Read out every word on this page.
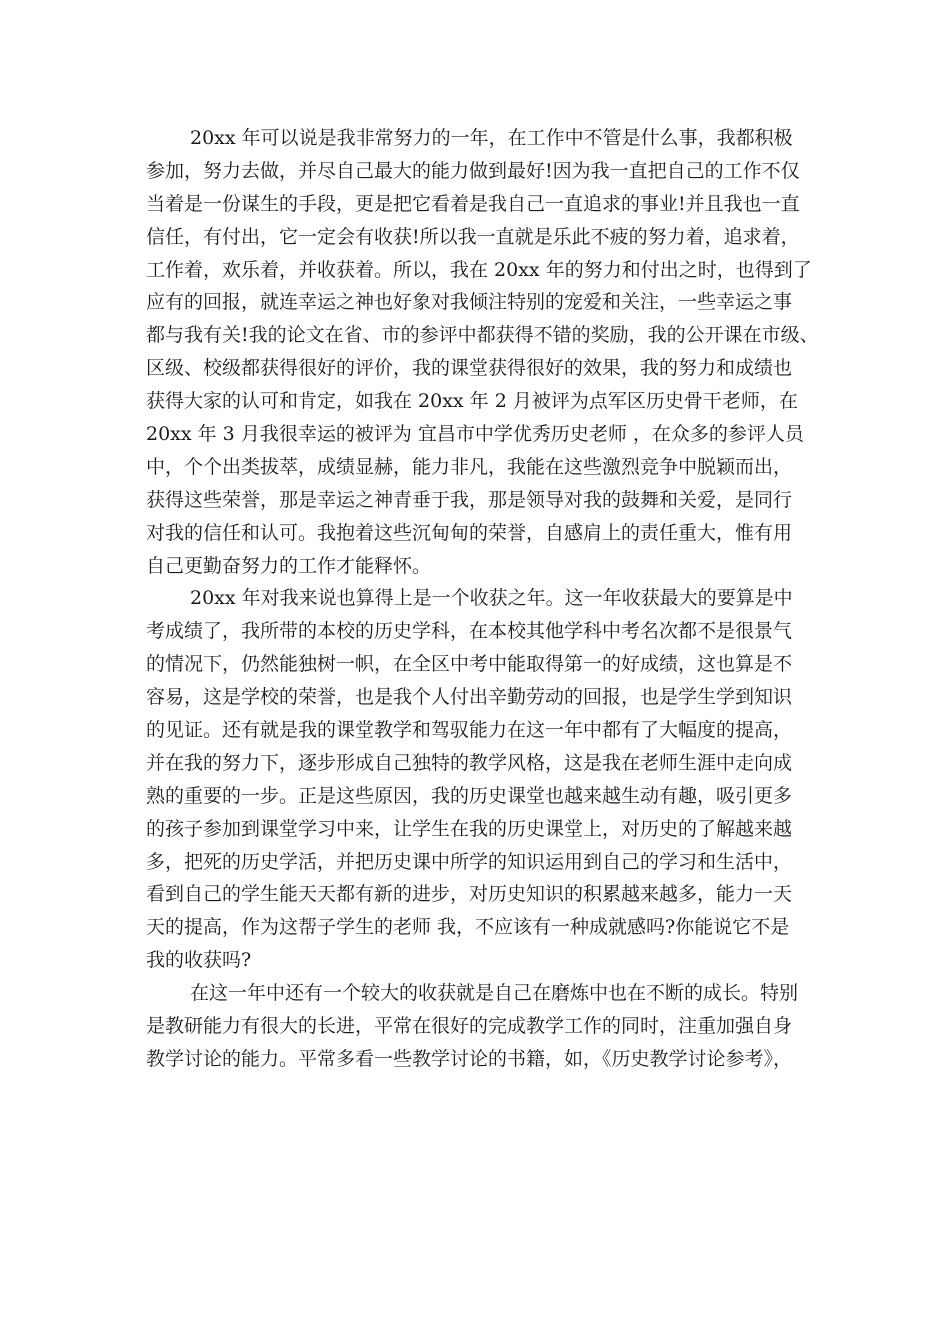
20xx 年可以说是我非常努力的一年，在工作中不管是什么事，我都积极
参加，努力去做，并尽自己最大的能力做到最好!因为我一直把自己的工作不仅
当着是一份谋生的手段，更是把它看着是我自己一直追求的事业!并且我也一直
信任，有付出，它一定会有收获!所以我一直就是乐此不疲的努力着，追求着，
工作着，欢乐着，并收获着。所以，我在 20xx 年的努力和付出之时，也得到了
应有的回报，就连幸运之神也好象对我倾注特别的宠爱和关注，一些幸运之事
都与我有关!我的论文在省、市的参评中都获得不错的奖励，我的公开课在市级、
区级、校级都获得很好的评价，我的课堂获得很好的效果，我的努力和成绩也
获得大家的认可和肯定，如我在 20xx 年 2 月被评为点军区历史骨干老师，在
20xx 年 3 月我很幸运的被评为 宜昌市中学优秀历史老师 ，在众多的参评人员
中，个个出类拔萃，成绩显赫，能力非凡，我能在这些激烈竞争中脱颖而出，
获得这些荣誉，那是幸运之神青垂于我，那是领导对我的鼓舞和关爱，是同行
对我的信任和认可。我抱着这些沉甸甸的荣誉，自感肩上的责任重大，惟有用
自己更勤奋努力的工作才能释怀。
20xx 年对我来说也算得上是一个收获之年。这一年收获最大的要算是中
考成绩了，我所带的本校的历史学科，在本校其他学科中考名次都不是很景气
的情况下，仍然能独树一帜，在全区中考中能取得第一的好成绩，这也算是不
容易，这是学校的荣誉，也是我个人付出辛勤劳动的回报，也是学生学到知识
的见证。还有就是我的课堂教学和驾驭能力在这一年中都有了大幅度的提高，
并在我的努力下，逐步形成自己独特的教学风格，这是我在老师生涯中走向成
熟的重要的一步。正是这些原因，我的历史课堂也越来越生动有趣，吸引更多
的孩子参加到课堂学习中来，让学生在我的历史课堂上，对历史的了解越来越
多，把死的历史学活，并把历史课中所学的知识运用到自己的学习和生活中，
看到自己的学生能天天都有新的进步，对历史知识的积累越来越多，能力一天
天的提高，作为这帮子学生的老师 我，不应该有一种成就感吗?你能说它不是
我的收获吗?
在这一年中还有一个较大的收获就是自己在磨炼中也在不断的成长。特别
是教研能力有很大的长进，平常在很好的完成教学工作的同时，注重加强自身
教学讨论的能力。平常多看一些教学讨论的书籍，如，《历史教学讨论参考》，
